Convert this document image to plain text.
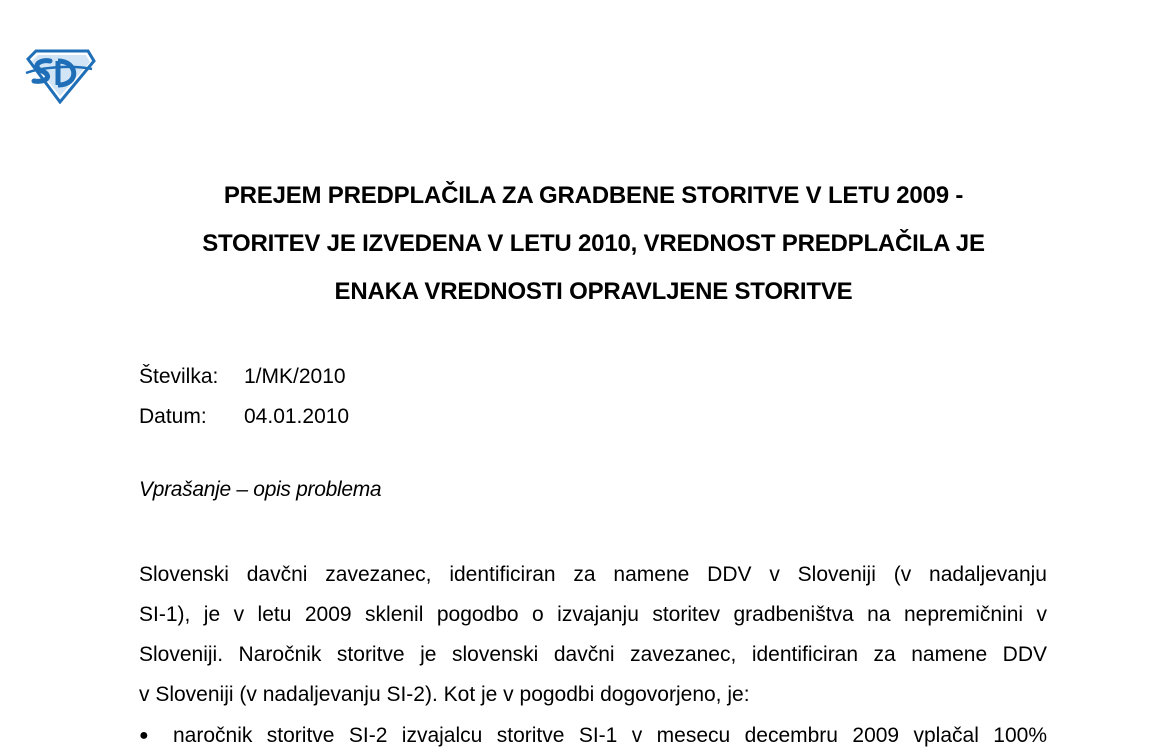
PREJEM PREDPLAČILA ZA GRADBENE STORITVE V LETU 2009 -
STORITEV JE IZVEDENA V LETU 2010, VREDNOST PREDPLAČILA JE
ENAKA VREDNOSTI OPRAVLJENE STORITVE
Številka:	1/MK/2010
Datum:	04.01.2010
Vprašanje – opis problema
Slovenski davčni zavezanec, identificiran za namene DDV v Sloveniji (v nadaljevanju
SI-1), je v letu 2009 sklenil pogodbo o izvajanju storitev gradbeništva na nepremičnini v
Sloveniji. Naročnik storitve je slovenski davčni zavezanec, identificiran za namene DDV
v Sloveniji (v nadaljevanju SI-2). Kot je v pogodbi dogovorjeno, je:
●	naročnik storitve SI-2 izvajalcu storitve SI-1 v mesecu decembru 2009 vplačal 100%
